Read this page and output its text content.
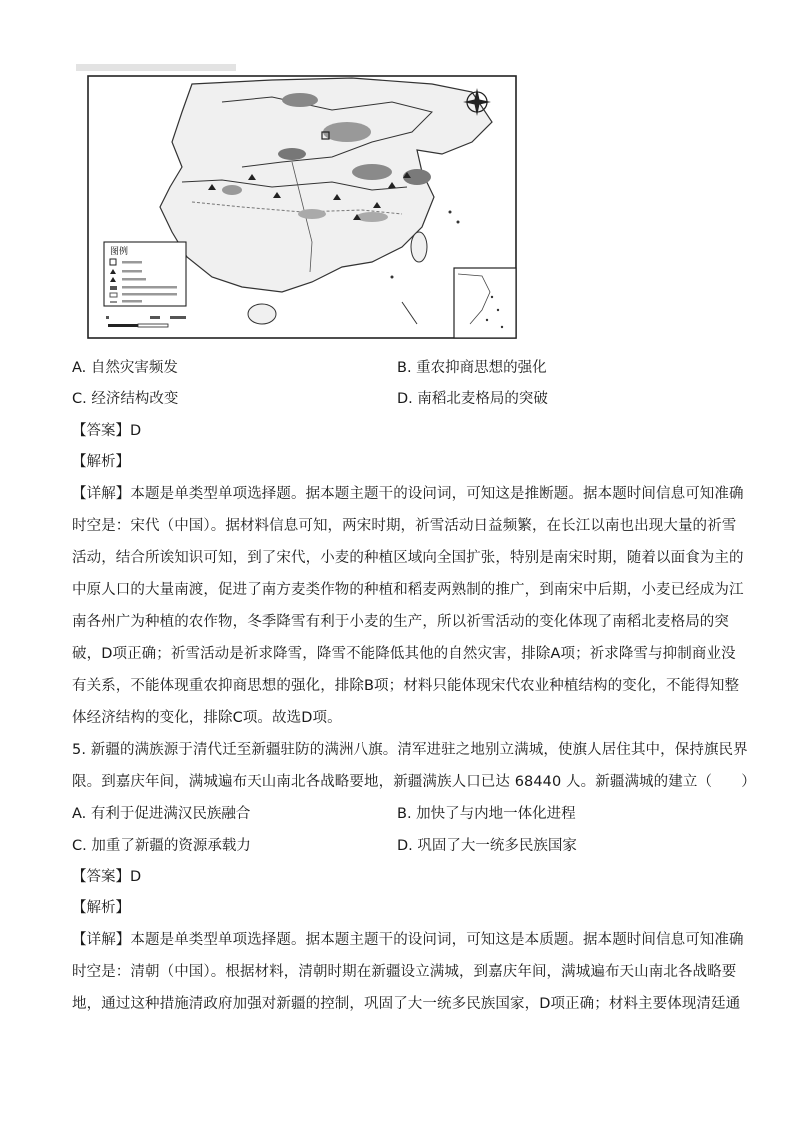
图例
A. 自然灾害频发	B. 重农抑商思想的强化
C. 经济结构改变	D. 南稻北麦格局的突破
【答案】D
【解析】
【详解】本题是单类型单项选择题。据本题主题干的设问词，可知这是推断题。据本题时间信息可知准确
时空是：宋代（中国）。据材料信息可知，两宋时期，祈雪活动日益频繁，在长江以南也出现大量的祈雪
活动，结合所诶知识可知，到了宋代，小麦的种植区域向全国扩张，特别是南宋时期，随着以面食为主的
中原人口的大量南渡，促进了南方麦类作物的种植和稻麦两熟制的推广，到南宋中后期，小麦已经成为江
南各州广为种植的农作物，冬季降雪有利于小麦的生产，所以祈雪活动的变化体现了南稻北麦格局的突
破，D项正确；祈雪活动是祈求降雪，降雪不能降低其他的自然灾害，排除A项；祈求降雪与抑制商业没
有关系，不能体现重农抑商思想的强化，排除B项；材料只能体现宋代农业种植结构的变化，不能得知整
体经济结构的变化，排除C项。故选D项。
5. 新疆的满族源于清代迁至新疆驻防的满洲八旗。清军进驻之地别立满城，使旗人居住其中，保持旗民界
限。到嘉庆年间，满城遍布天山南北各战略要地，新疆满族人口已达 68440 人。新疆满城的建立（　　）
A. 有利于促进满汉民族融合	B. 加快了与内地一体化进程
C. 加重了新疆的资源承载力	D. 巩固了大一统多民族国家
【答案】D
【解析】
【详解】本题是单类型单项选择题。据本题主题干的设问词，可知这是本质题。据本题时间信息可知准确
时空是：清朝（中国）。根据材料，清朝时期在新疆设立满城，到嘉庆年间，满城遍布天山南北各战略要
地，通过这种措施清政府加强对新疆的控制，巩固了大一统多民族国家，D项正确；材料主要体现清廷通
